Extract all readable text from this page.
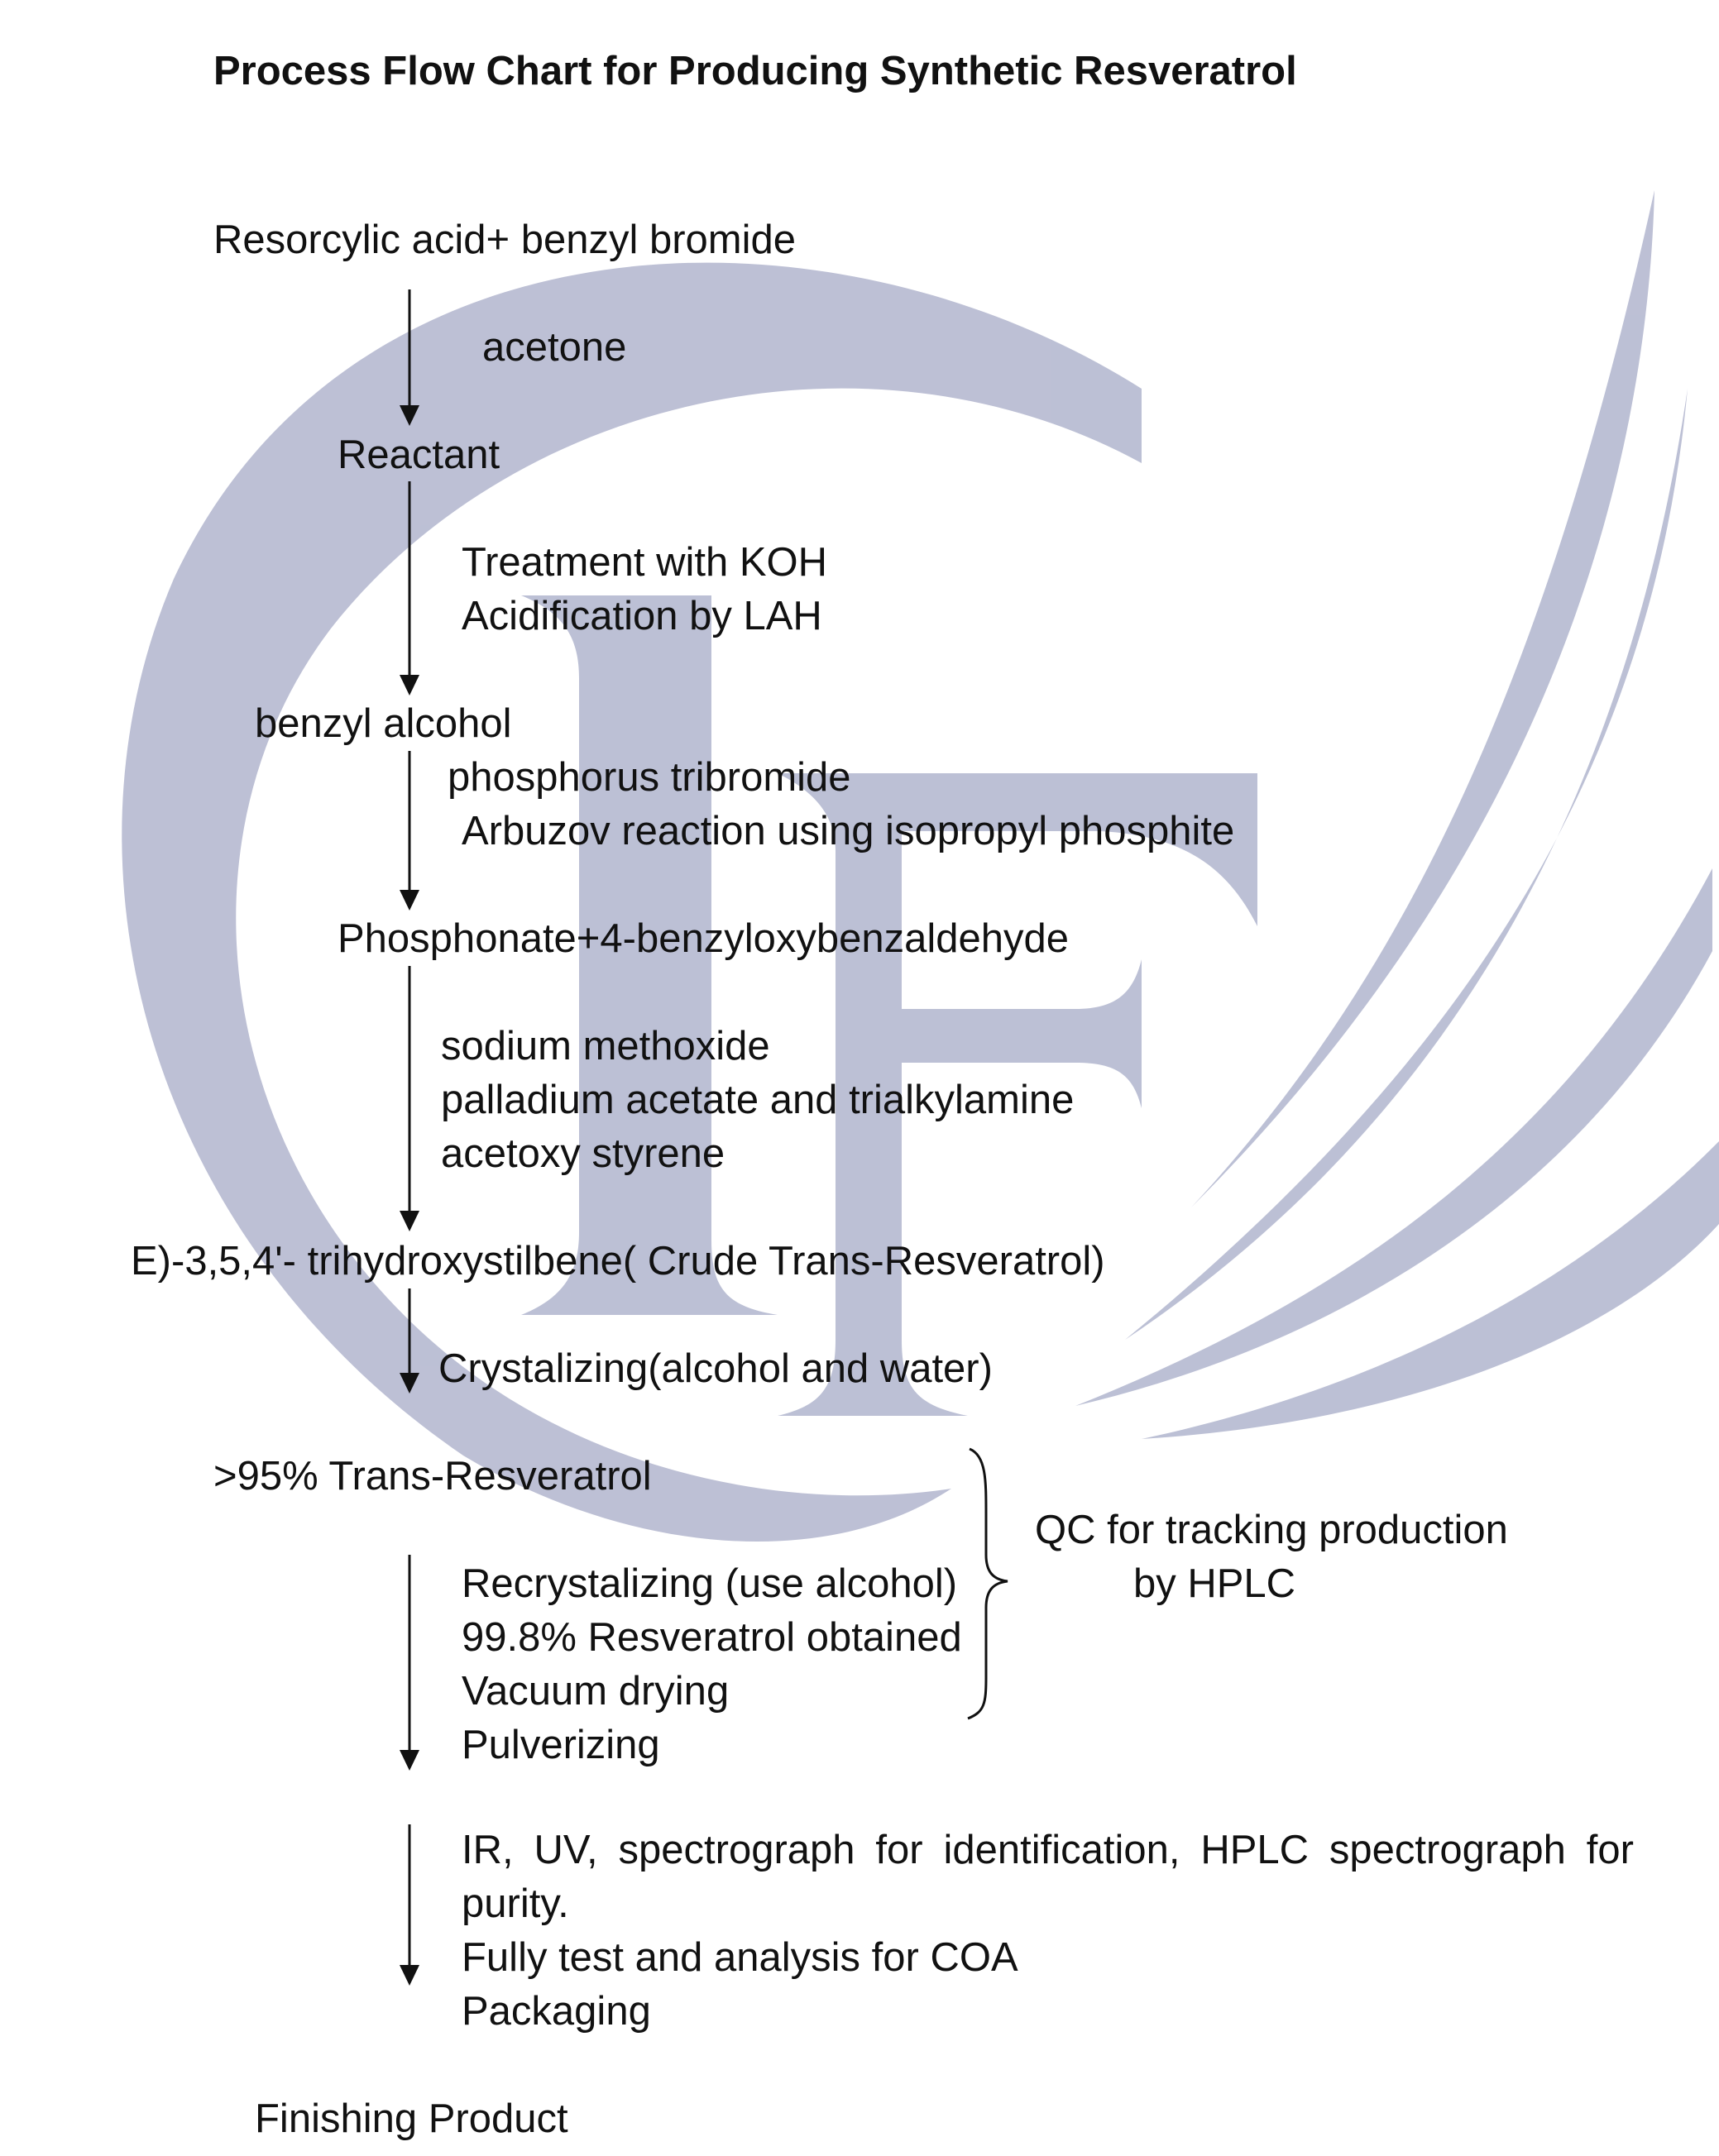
Process Flow Chart for Producing Synthetic Resveratrol

Resorcylic acid+ benzyl bromide

acetone

Reactant

Treatment with KOH

Acidification by LAH

benzyl alcohol

phosphorus tribromide

Arbuzov reaction using isopropyl phosphite

Phosphonate+4-benzyloxybenzaldehyde

sodium methoxide

palladium acetate and trialkylamine

acetoxy styrene

E)-3,5,4'- trihydroxystilbene( Crude Trans-Resveratrol)

Crystalizing(alcohol and water)

>95% Trans-Resveratrol

Recrystalizing (use alcohol)

99.8% Resveratrol obtained

Vacuum drying

Pulverizing

QC for tracking production

by HPLC

IR, UV, spectrograph for identification, HPLC spectrograph for

purity.

Fully test and analysis for COA

Packaging

Finishing Product
